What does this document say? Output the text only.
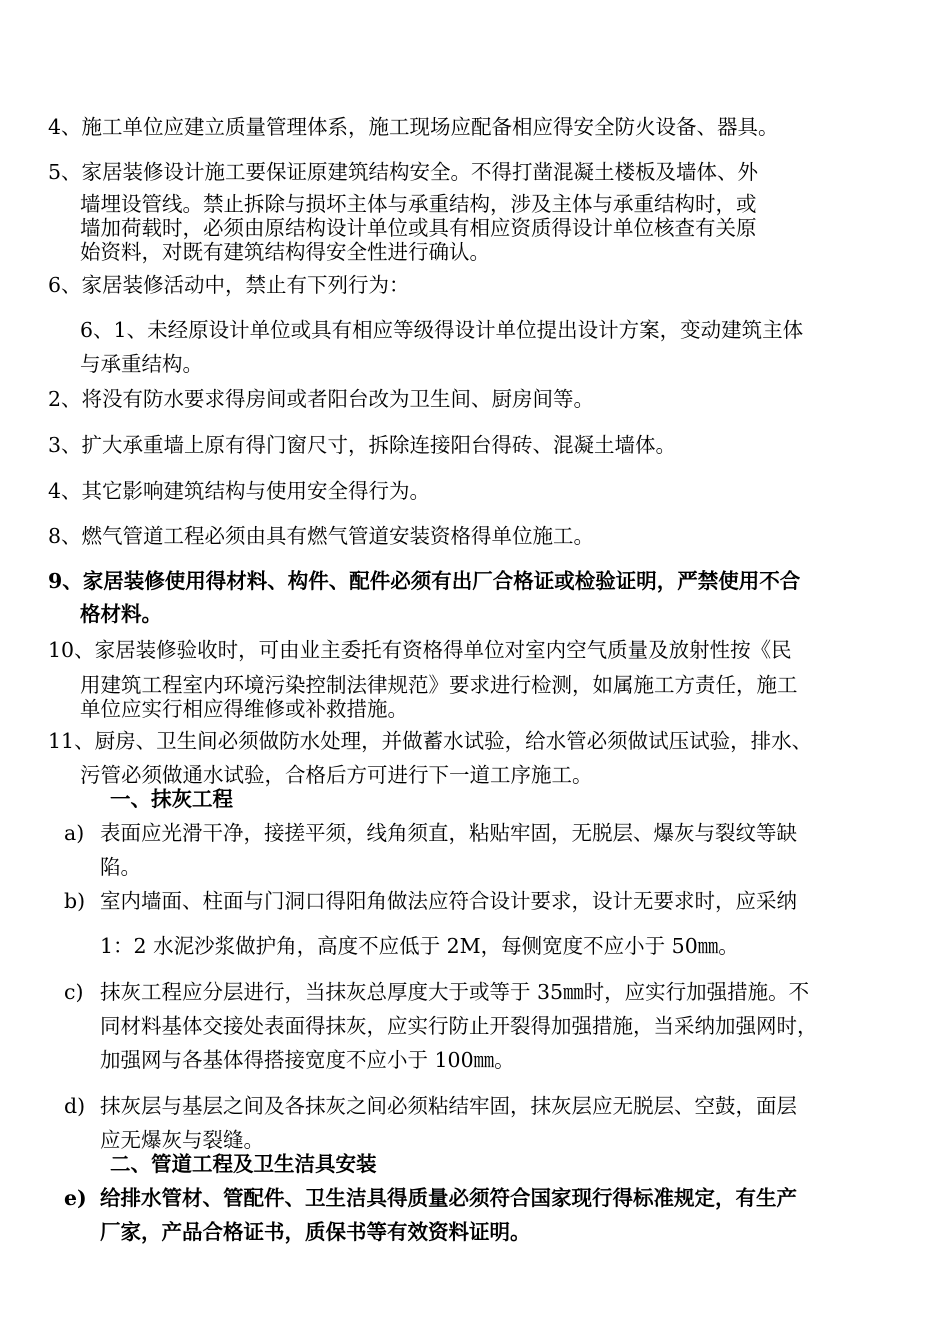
4、施工单位应建立质量管理体系，施工现场应配备相应得安全防火设备、器具。
5、家居装修设计施工要保证原建筑结构安全。不得打凿混凝土楼板及墙体、外
墙埋设管线。禁止拆除与损坏主体与承重结构，涉及主体与承重结构时，或
墙加荷载时，必须由原结构设计单位或具有相应资质得设计单位核查有关原
始资料，对既有建筑结构得安全性进行确认。
6、家居装修活动中，禁止有下列行为：
6、1、未经原设计单位或具有相应等级得设计单位提出设计方案，变动建筑主体
与承重结构。
2、将没有防水要求得房间或者阳台改为卫生间、厨房间等。
3、扩大承重墙上原有得门窗尺寸，拆除连接阳台得砖、混凝土墙体。
4、其它影响建筑结构与使用安全得行为。
8、燃气管道工程必须由具有燃气管道安装资格得单位施工。
9、家居装修使用得材料、构件、配件必须有出厂合格证或检验证明，严禁使用不合
格材料。
10、家居装修验收时，可由业主委托有资格得单位对室内空气质量及放射性按《民
用建筑工程室内环境污染控制法律规范》要求进行检测，如属施工方责任，施工
单位应实行相应得维修或补救措施。
11、厨房、卫生间必须做防水处理，并做蓄水试验，给水管必须做试压试验，排水、
污管必须做通水试验，合格后方可进行下一道工序施工。
一、抹灰工程
a) 表面应光滑干净，接搓平须，线角须直，粘贴牢固，无脱层、爆灰与裂纹等缺
陷。
b) 室内墙面、柱面与门洞口得阳角做法应符合设计要求，设计无要求时，应采纳
1：2 水泥沙浆做护角，高度不应低于 2M，每侧宽度不应小于 50㎜。
c) 抹灰工程应分层进行，当抹灰总厚度大于或等于 35㎜时，应实行加强措施。不
同材料基体交接处表面得抹灰，应实行防止开裂得加强措施，当采纳加强网时，
加强网与各基体得搭接宽度不应小于 100㎜。
d) 抹灰层与基层之间及各抹灰之间必须粘结牢固，抹灰层应无脱层、空鼓，面层
应无爆灰与裂缝。
二、管道工程及卫生洁具安装
e) 给排水管材、管配件、卫生洁具得质量必须符合国家现行得标准规定，有生产
厂家，产品合格证书，质保书等有效资料证明。
